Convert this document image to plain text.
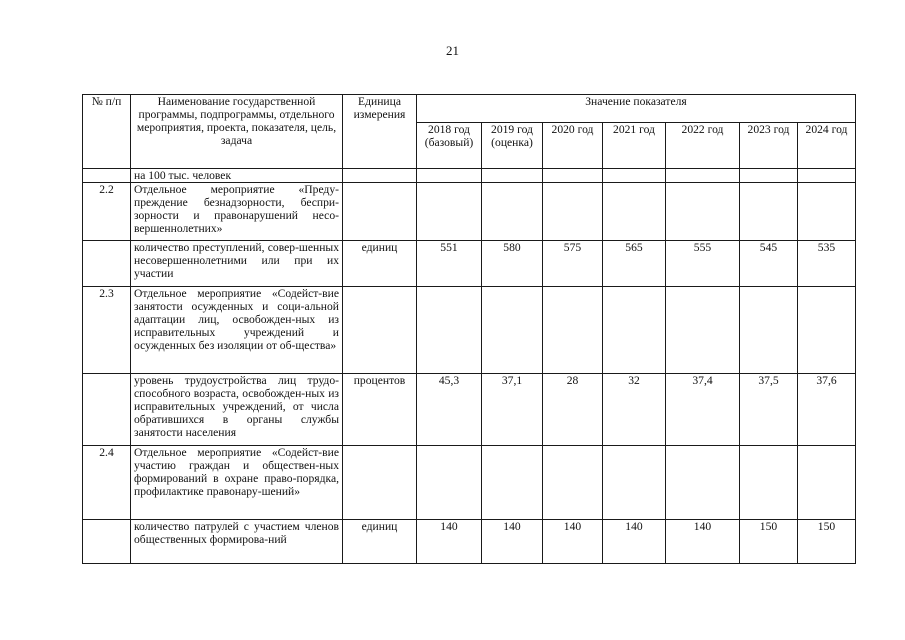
21
№ п/п	Наименование государственной программы, подпрограммы, отдельного мероприятия, проекта, показателя, цель, задача	Единица измерения	Значение показателя						
			2018 год (базовый)	2019 год (оценка)	2020 год	2021 год	2022 год	2023 год	2024 год
	на 100 тыс. человек								
2.2	Отдельное мероприятие «Преду-преждение безнадзорности, беспри-зорности и правонарушений несо-вершеннолетних»								
	количество преступлений, совер-шенных несовершеннолетними или при их участии	единиц	551	580	575	565	555	545	535
2.3	Отдельное мероприятие «Содейст-вие занятости осужденных и соци-альной адаптации лиц, освобожден-ных из исправительных учреждений и осужденных без изоляции от об-щества»								
	уровень трудоустройства лиц трудо-способного возраста, освобожден-ных из исправительных учреждений, от числа обратившихся в органы службы занятости населения	процентов	45,3	37,1	28	32	37,4	37,5	37,6
2.4	Отдельное мероприятие «Содейст-вие участию граждан и обществен-ных формирований в охране право-порядка, профилактике правонару-шений»								
	количество патрулей с участием членов общественных формирова-ний	единиц	140	140	140	140	140	150	150
